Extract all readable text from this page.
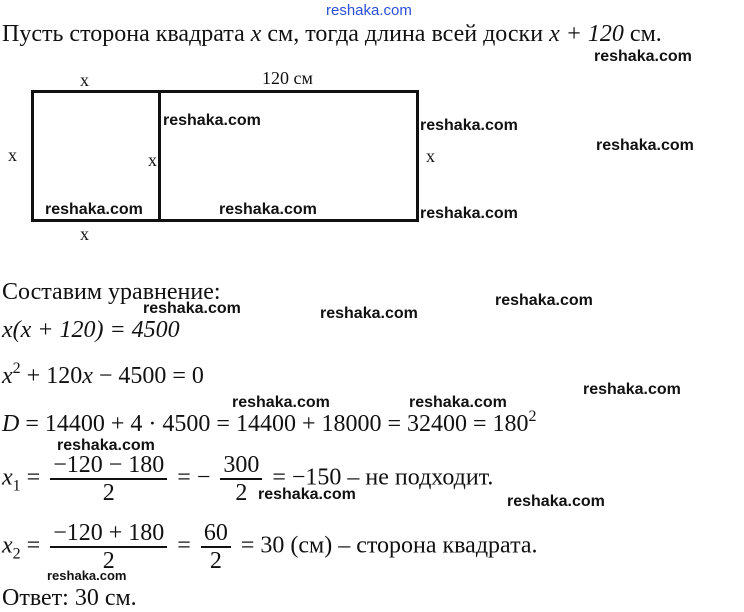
reshaka.com
Пусть сторона квадрата x см, тогда длина всей доски x + 120 см.
x	120 см
x	x	x
x
reshaka.com
reshaka.com	reshaka.com
reshaka.com
reshaka.com	reshaka.com	reshaka.com
Составим уравнение:
x(x + 120) = 4500
$x^2 + 120x - 4500 = 0$
$D = 14400 + 4 \cdot 4500 = 14400 + 18000 = 32400 = 180^2$
$x_1 = \frac{-120 - 180}{2}$ = − $\frac{300}{2} = -150$ – не подходит.
$x_2 = \frac{-120 + 180}{2} = \frac{60}{2} = 30$ (см) – сторона квадрата.
Ответ: 30 см.
reshaka.com
reshaka.com	reshaka.com
reshaka.com
reshaka.com	reshaka.com
reshaka.com
reshaka.com	reshaka.com
reshaka.com
